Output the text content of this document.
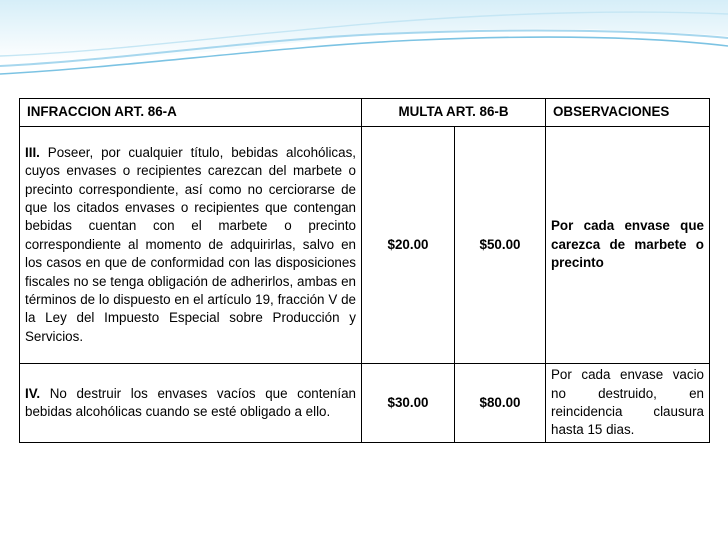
INFRACCION ART. 86-A	MULTA ART. 86-B		OBSERVACIONES
III. Poseer, por cualquier título, bebidas alcohólicas, cuyos envases o recipientes carezcan del marbete o precinto correspondiente, así como no cerciorarse de que los citados envases o recipientes que contengan bebidas cuentan con el marbete o precinto correspondiente al momento de adquirirlas, salvo en los casos en que de conformidad con las disposiciones fiscales no se tenga obligación de adherirlos, ambas en términos de lo dispuesto en el artículo 19, fracción V de la Ley del Impuesto Especial sobre Producción y Servicios.	$20.00	$50.00	Por cada envase que carezca de marbete o precinto
IV. No destruir los envases vacíos que contenían bebidas alcohólicas cuando se esté obligado a ello.	$30.00	$80.00	Por cada envase vacio no destruido, en reincidencia clausura hasta 15 dias.
